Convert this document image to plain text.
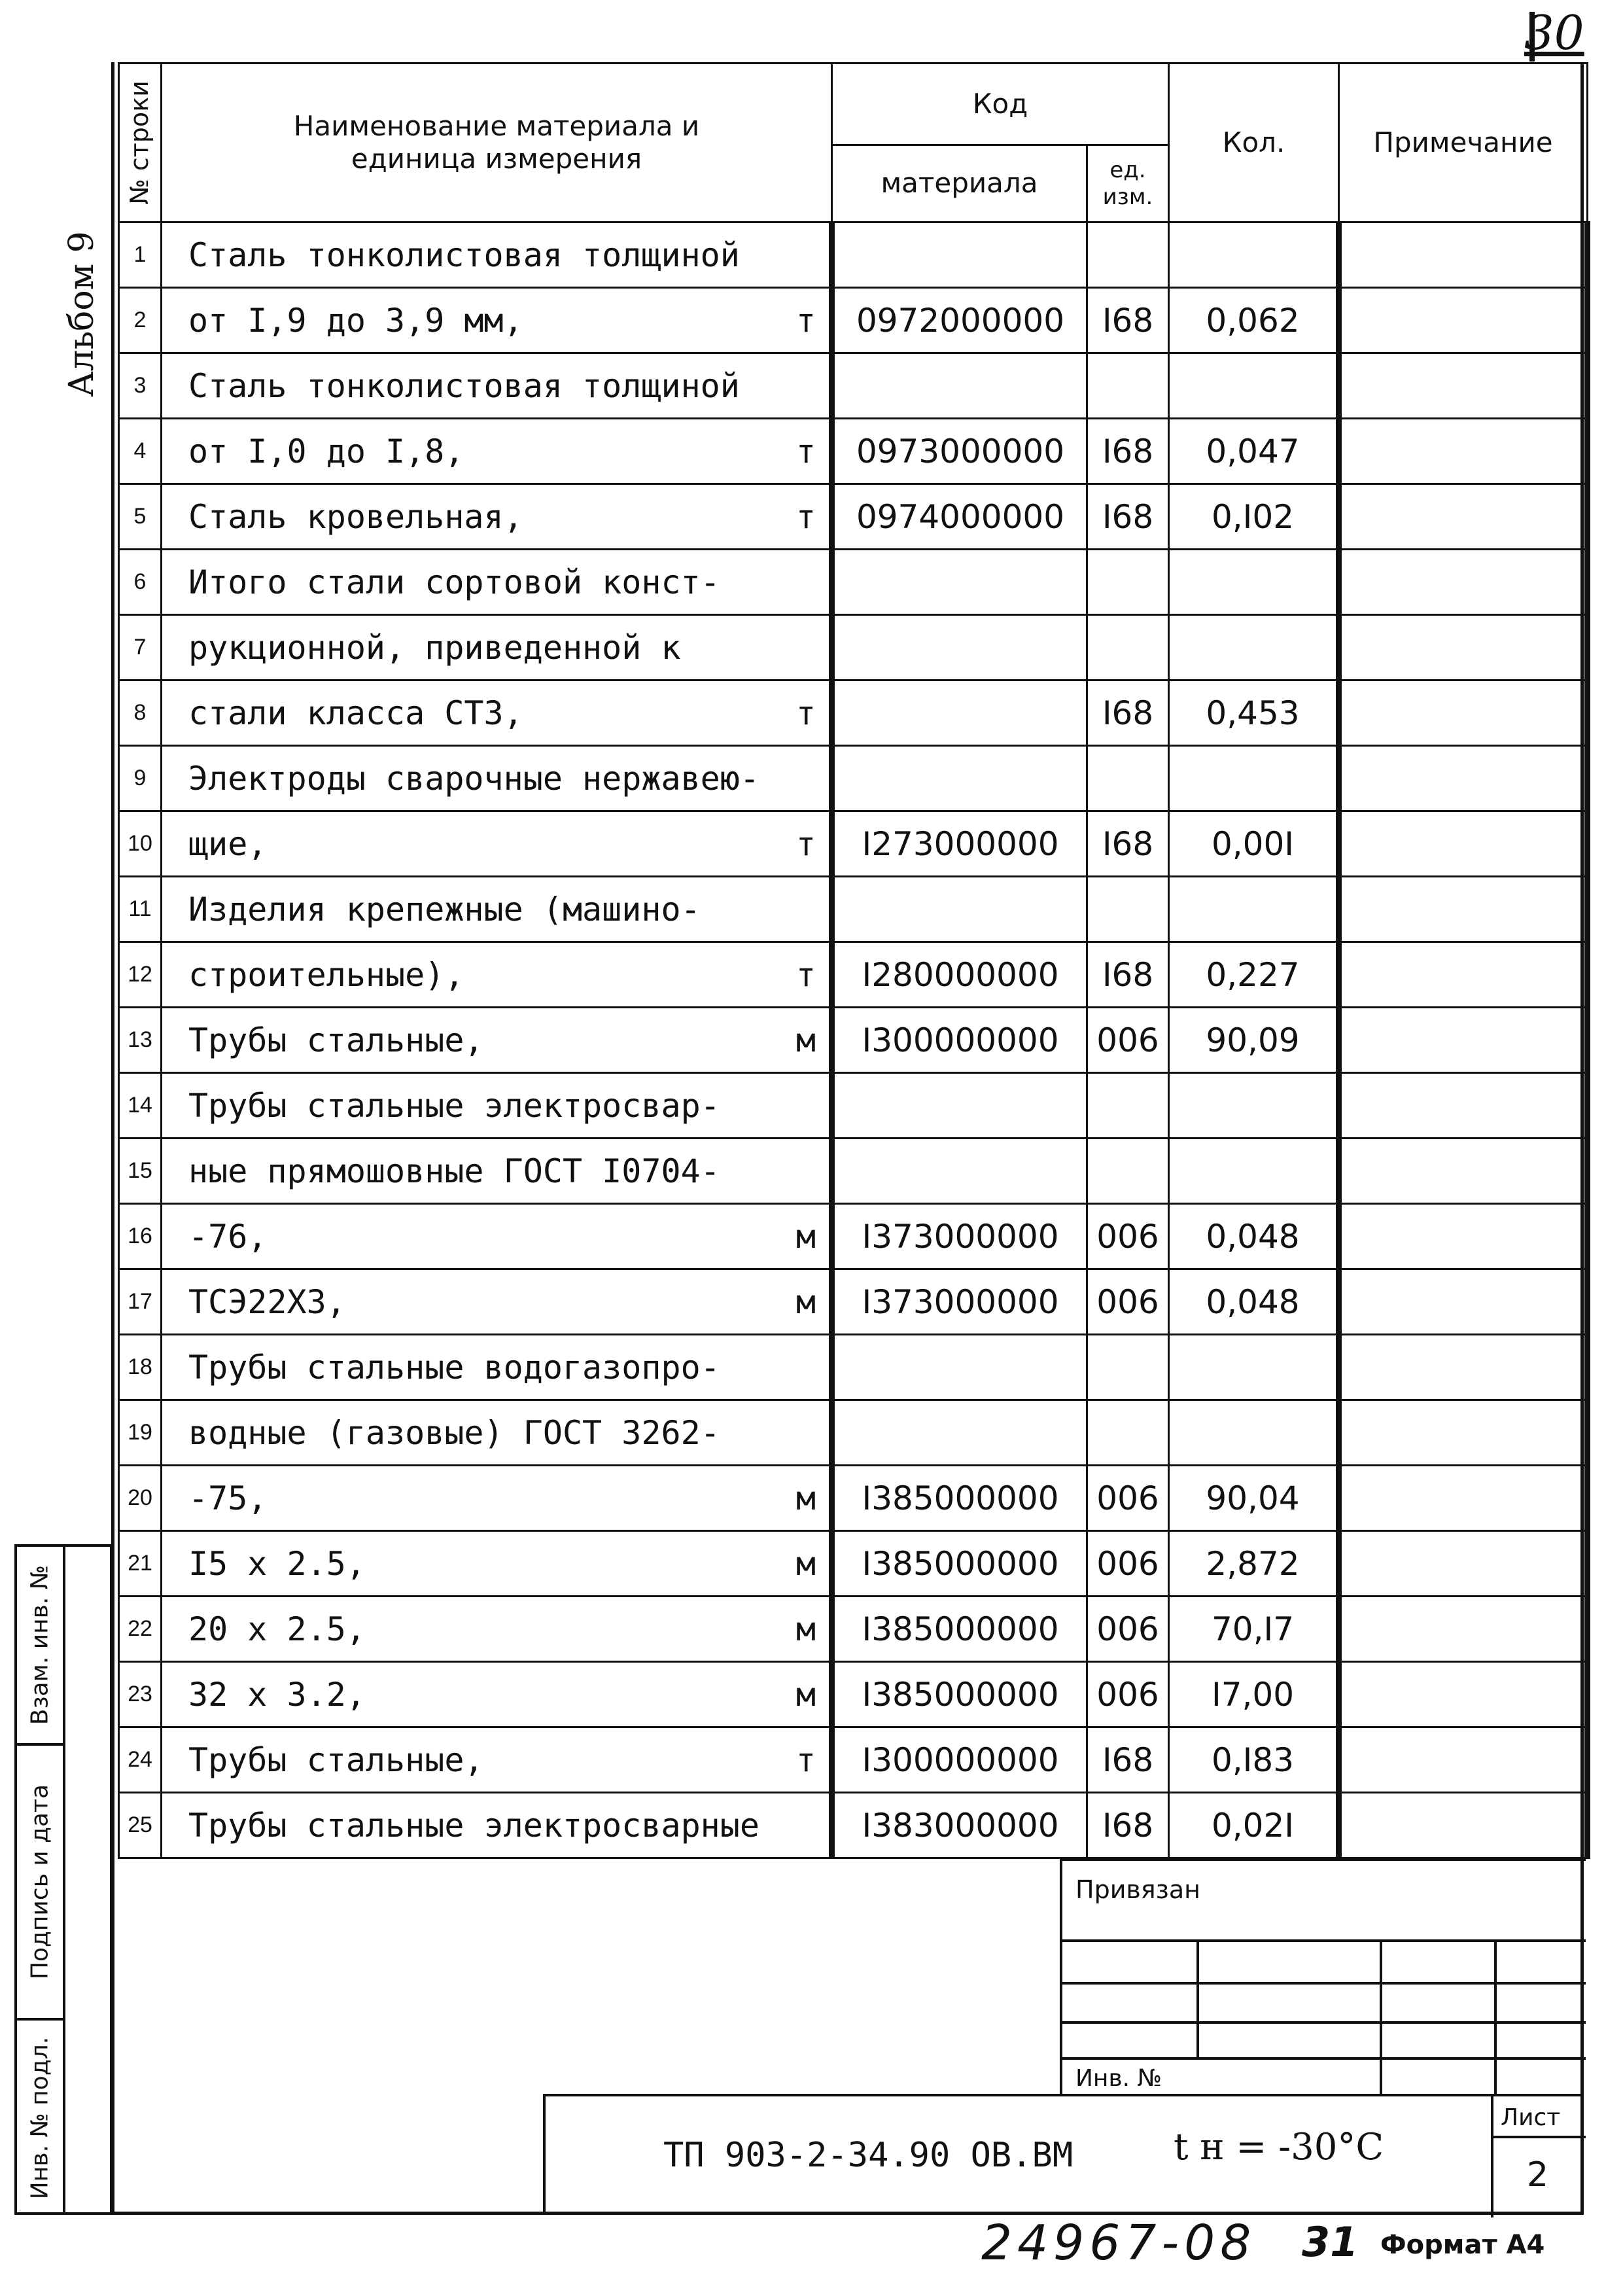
30
Альбом 9
№ строки	Наименование материала и единица измерения	Код		Кол.	Примечание
		материала	ед. изм.		
1	Сталь тонколистовая толщиной

2	от I,9 до 3,9 мм, т	0972000000	I68	0,062	
3	Сталь тонколистовая толщиной

4	от I,0 до I,8, т	0973000000	I68	0,047	
5	Сталь кровельная, т	0974000000	I68	0,I02	
6	Итого стали сортовой конст-

7	рукционной, приведенной к

8	стали класса СТ3, т		I68	0,453	
9	Электроды сварочные нержавею-

10	щие, т	I273000000	I68	0,00I	
11	Изделия крепежные (машино-

12	строительные), т	I280000000	I68	0,227	
13	Трубы стальные, м	I300000000	006	90,09	
14	Трубы стальные электросвар-

15	ные прямошовные ГОСТ I0704-

16	-76, м	I373000000	006	0,048	
17	ТСЭ22Х3, м	I373000000	006	0,048	
18	Трубы стальные водогазопро-

19	водные (газовые) ГОСТ 3262-

20	-75, м	I385000000	006	90,04	
21	I5 х 2.5, м	I385000000	006	2,872	
22	20 х 2.5, м	I385000000	006	70,I7	
23	32 х 3.2, м	I385000000	006	I7,00	
24	Трубы стальные, т	I300000000	I68	0,I83	
25	Трубы стальные электросварные	I383000000	I68	0,02I	
Взам. инв. №
Подпись и дата
Инв. № подл.
Привязан
Инв. №
ТП 903-2-34.90 ОВ.ВМ	t н = -30°C
Лист
2
24967-08 31 Формат А4
